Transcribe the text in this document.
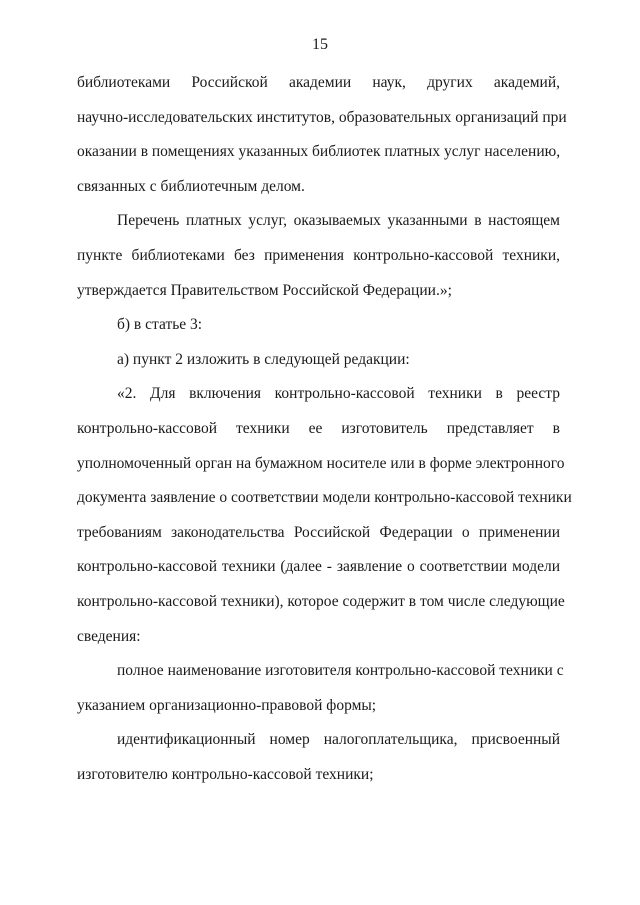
15
библиотеками Российской академии наук, других академий,
научно-исследовательских институтов, образовательных организаций при
оказании в помещениях указанных библиотек платных услуг населению,
связанных с библиотечным делом.
Перечень платных услуг, оказываемых указанными в настоящем
пункте библиотеками без применения контрольно-кассовой техники,
утверждается Правительством Российской Федерации.»;
б) в статье 3:
а) пункт 2 изложить в следующей редакции:
«2. Для включения контрольно-кассовой техники в реестр
контрольно-кассовой техники ее изготовитель представляет в
уполномоченный орган на бумажном носителе или в форме электронного
документа заявление о соответствии модели контрольно-кассовой техники
требованиям законодательства Российской Федерации о применении
контрольно-кассовой техники (далее - заявление о соответствии модели
контрольно-кассовой техники), которое содержит в том числе следующие
сведения:
полное наименование изготовителя контрольно-кассовой техники с
указанием организационно-правовой формы;
идентификационный номер налогоплательщика, присвоенный
изготовителю контрольно-кассовой техники;
